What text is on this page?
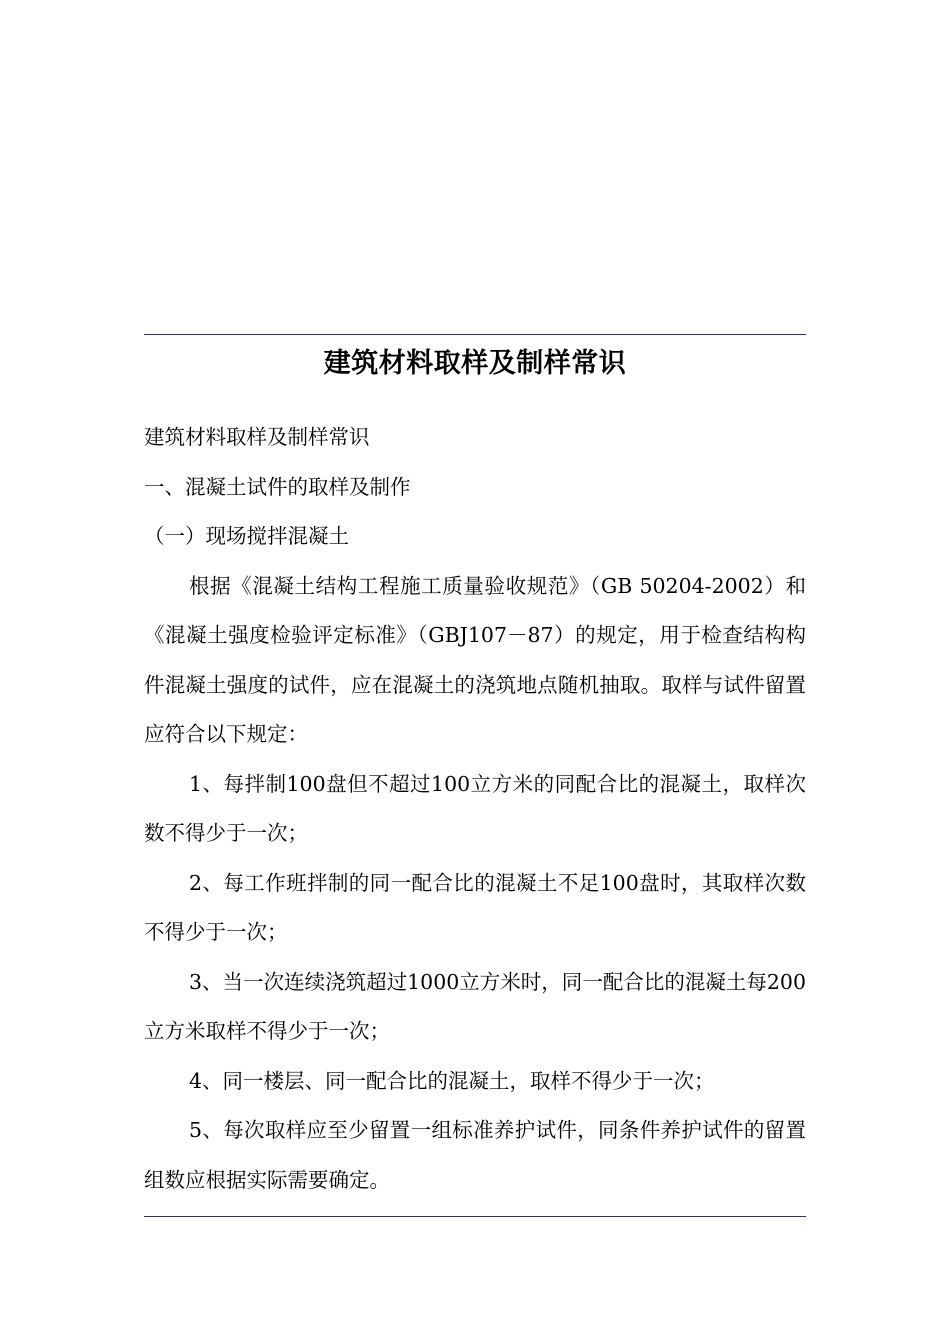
建筑材料取样及制样常识

建筑材料取样及制样常识

一、混凝土试件的取样及制作

（一）现场搅拌混凝土

根据《混凝土结构工程施工质量验收规范》（GB 50204-2002）和《混凝土强度检验评定标准》（GBJ107－87）的规定，用于检查结构构件混凝土强度的试件，应在混凝土的浇筑地点随机抽取。取样与试件留置应符合以下规定：

1、每拌制100盘但不超过100立方米的同配合比的混凝土，取样次数不得少于一次；

2、每工作班拌制的同一配合比的混凝土不足100盘时，其取样次数不得少于一次；

3、当一次连续浇筑超过1000立方米时，同一配合比的混凝土每200立方米取样不得少于一次；

4、同一楼层、同一配合比的混凝土，取样不得少于一次；

5、每次取样应至少留置一组标准养护试件，同条件养护试件的留置组数应根据实际需要确定。
